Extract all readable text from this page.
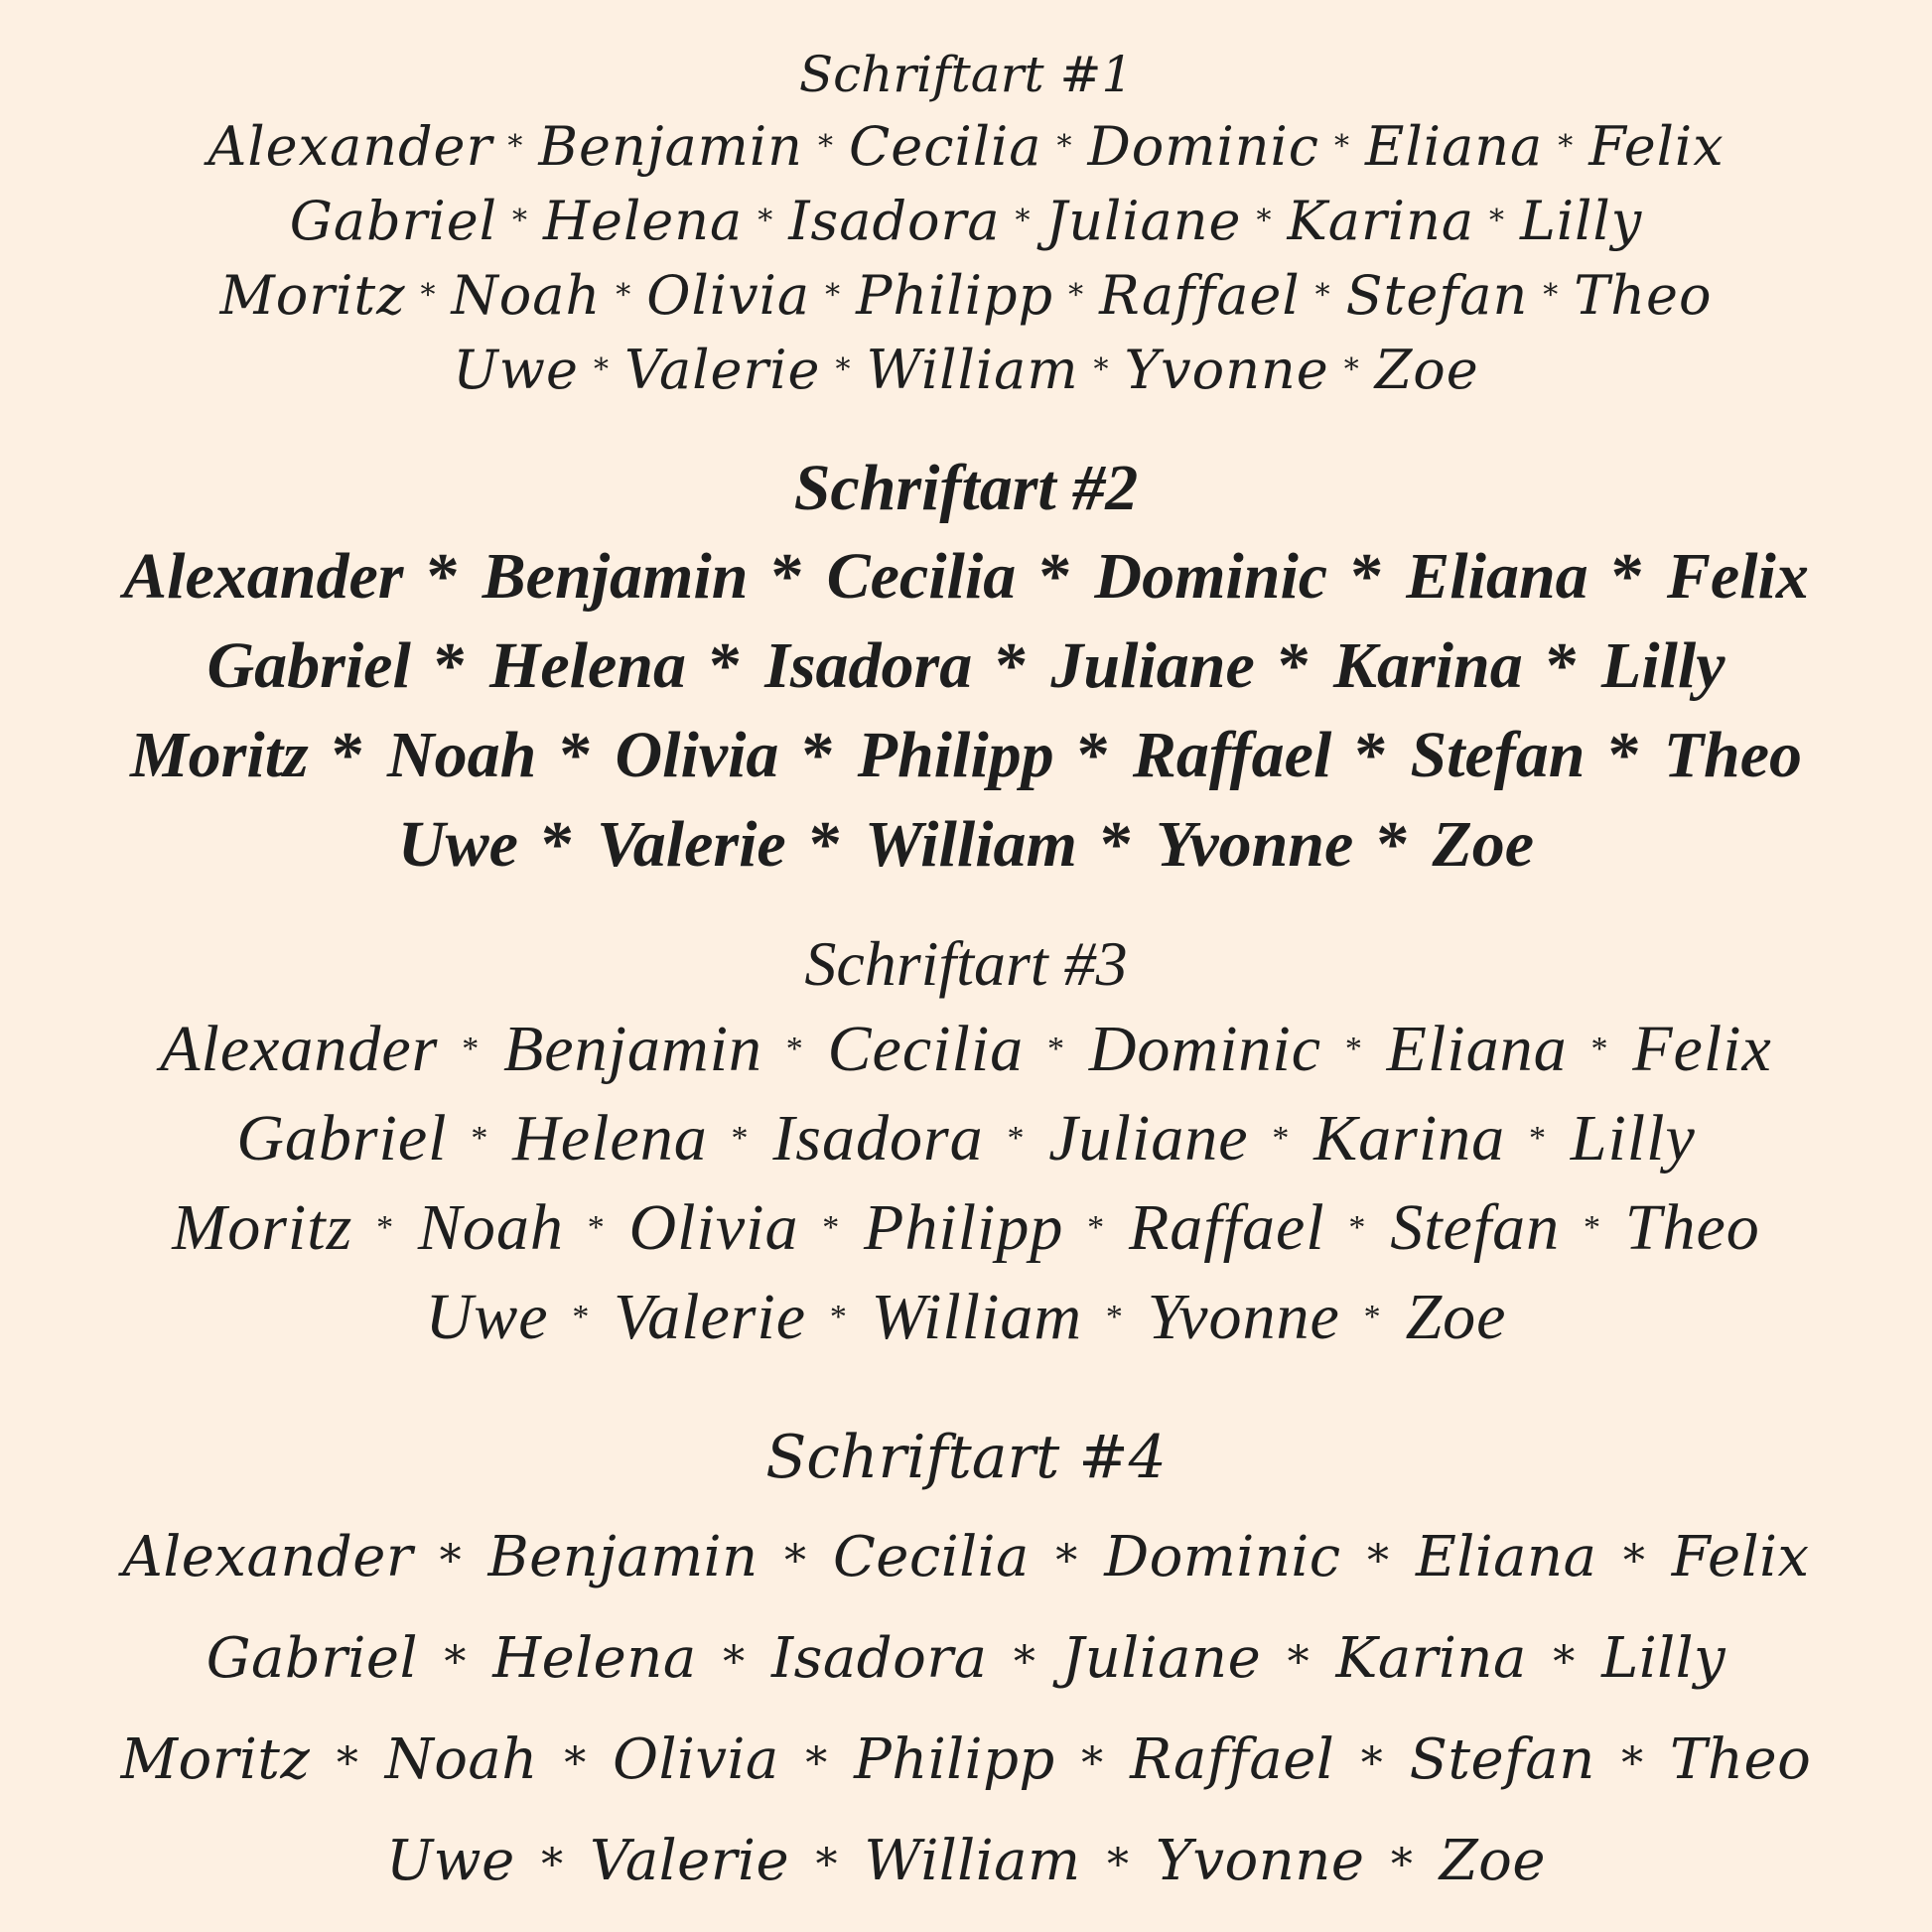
Schriftart #1
Alexander * Benjamin * Cecilia * Dominic * Eliana * Felix
Gabriel * Helena * Isadora * Juliane * Karina * Lilly
Moritz * Noah * Olivia * Philipp * Raffael * Stefan * Theo
Uwe * Valerie * William * Yvonne * Zoe
Schriftart #2
Alexander * Benjamin * Cecilia * Dominic * Eliana * Felix
Gabriel * Helena * Isadora * Juliane * Karina * Lilly
Moritz * Noah * Olivia * Philipp * Raffael * Stefan * Theo
Uwe * Valerie * William * Yvonne * Zoe
Schriftart #3
Alexander * Benjamin * Cecilia * Dominic * Eliana * Felix
Gabriel * Helena * Isadora * Juliane * Karina * Lilly
Moritz * Noah * Olivia * Philipp * Raffael * Stefan * Theo
Uwe * Valerie * William * Yvonne * Zoe
Schriftart #4
Alexander * Benjamin * Cecilia * Dominic * Eliana * Felix
Gabriel * Helena * Isadora * Juliane * Karina * Lilly
Moritz * Noah * Olivia * Philipp * Raffael * Stefan * Theo
Uwe * Valerie * William * Yvonne * Zoe
